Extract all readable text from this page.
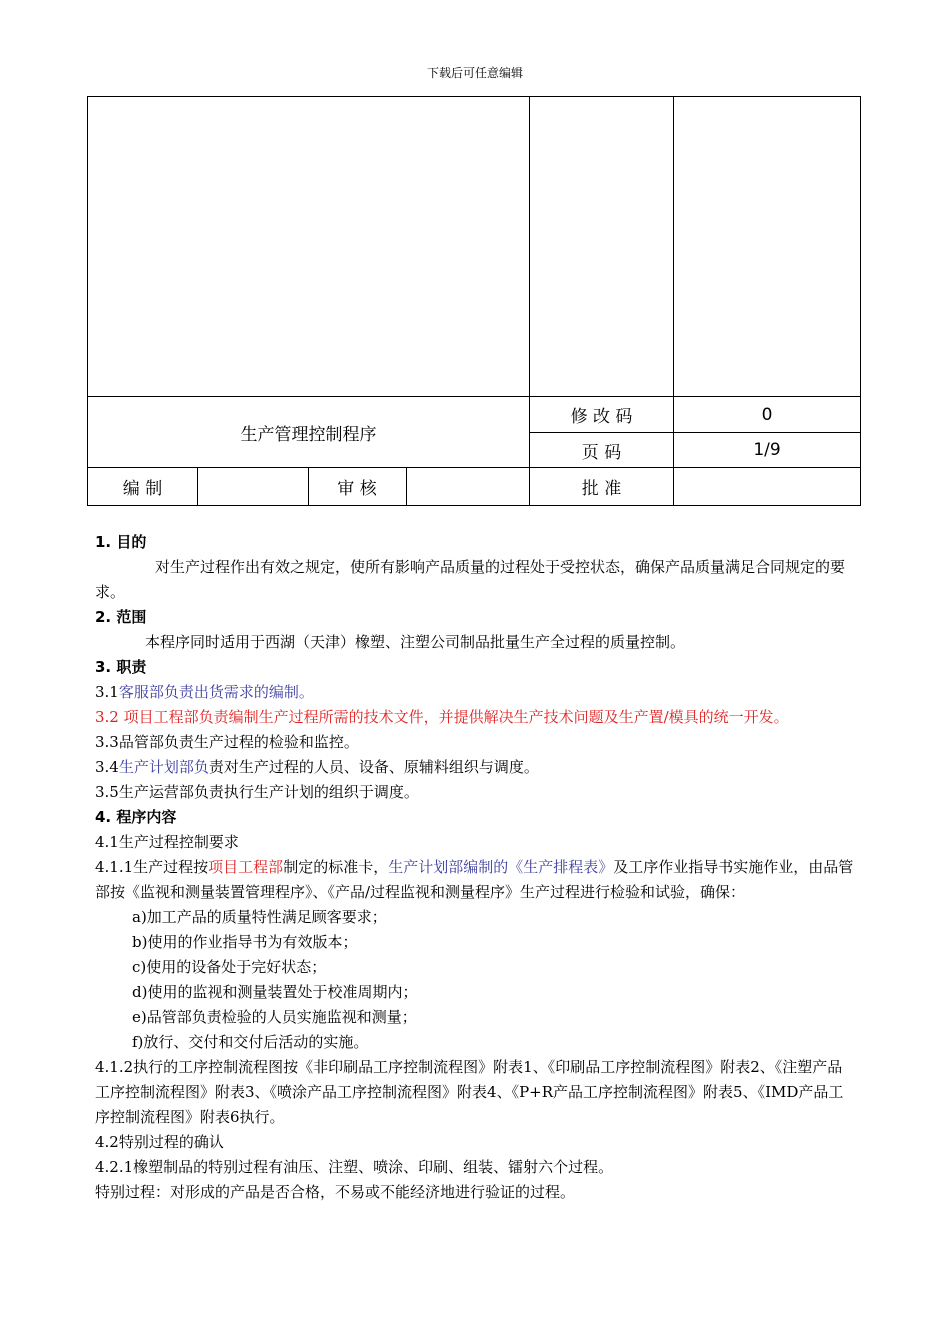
下载后可任意编辑
生产管理控制程序
修 改 码	0
页 码	1/9
编 制	审 核	批 准

1. 目的

对生产过程作出有效之规定，使所有影响产品质量的过程处于受控状态，确保产品质量满足合同规定的要求。

2. 范围

本程序同时适用于西湖（天津）橡塑、注塑公司制品批量生产全过程的质量控制。

3. 职责

3.1客服部负责出货需求的编制。

3.2 项目工程部负责编制生产过程所需的技术文件，并提供解决生产技术问题及生产置/模具的统一开发。

3.3品管部负责生产过程的检验和监控。

3.4生产计划部负责对生产过程的人员、设备、原辅料组织与调度。

3.5生产运营部负责执行生产计划的组织于调度。

4. 程序内容

4.1生产过程控制要求

4.1.1生产过程按项目工程部制定的标准卡，生产计划部编制的《生产排程表》及工序作业指导书实施作业，由品管部按《监视和测量装置管理程序》、《产品/过程监视和测量程序》生产过程进行检验和试验，确保：

a)加工产品的质量特性满足顾客要求；

b)使用的作业指导书为有效版本；

c)使用的设备处于完好状态；

d)使用的监视和测量装置处于校准周期内；

e)品管部负责检验的人员实施监视和测量；

f)放行、交付和交付后活动的实施。

4.1.2执行的工序控制流程图按《非印刷品工序控制流程图》附表1、《印刷品工序控制流程图》附表2、《注塑产品工序控制流程图》附表3、《喷涂产品工序控制流程图》附表4、《P+R产品工序控制流程图》附表5、《IMD产品工序控制流程图》附表6执行。

4.2特别过程的确认

4.2.1橡塑制品的特别过程有油压、注塑、喷涂、印刷、组装、镭射六个过程。

特别过程：对形成的产品是否合格，不易或不能经济地进行验证的过程。
